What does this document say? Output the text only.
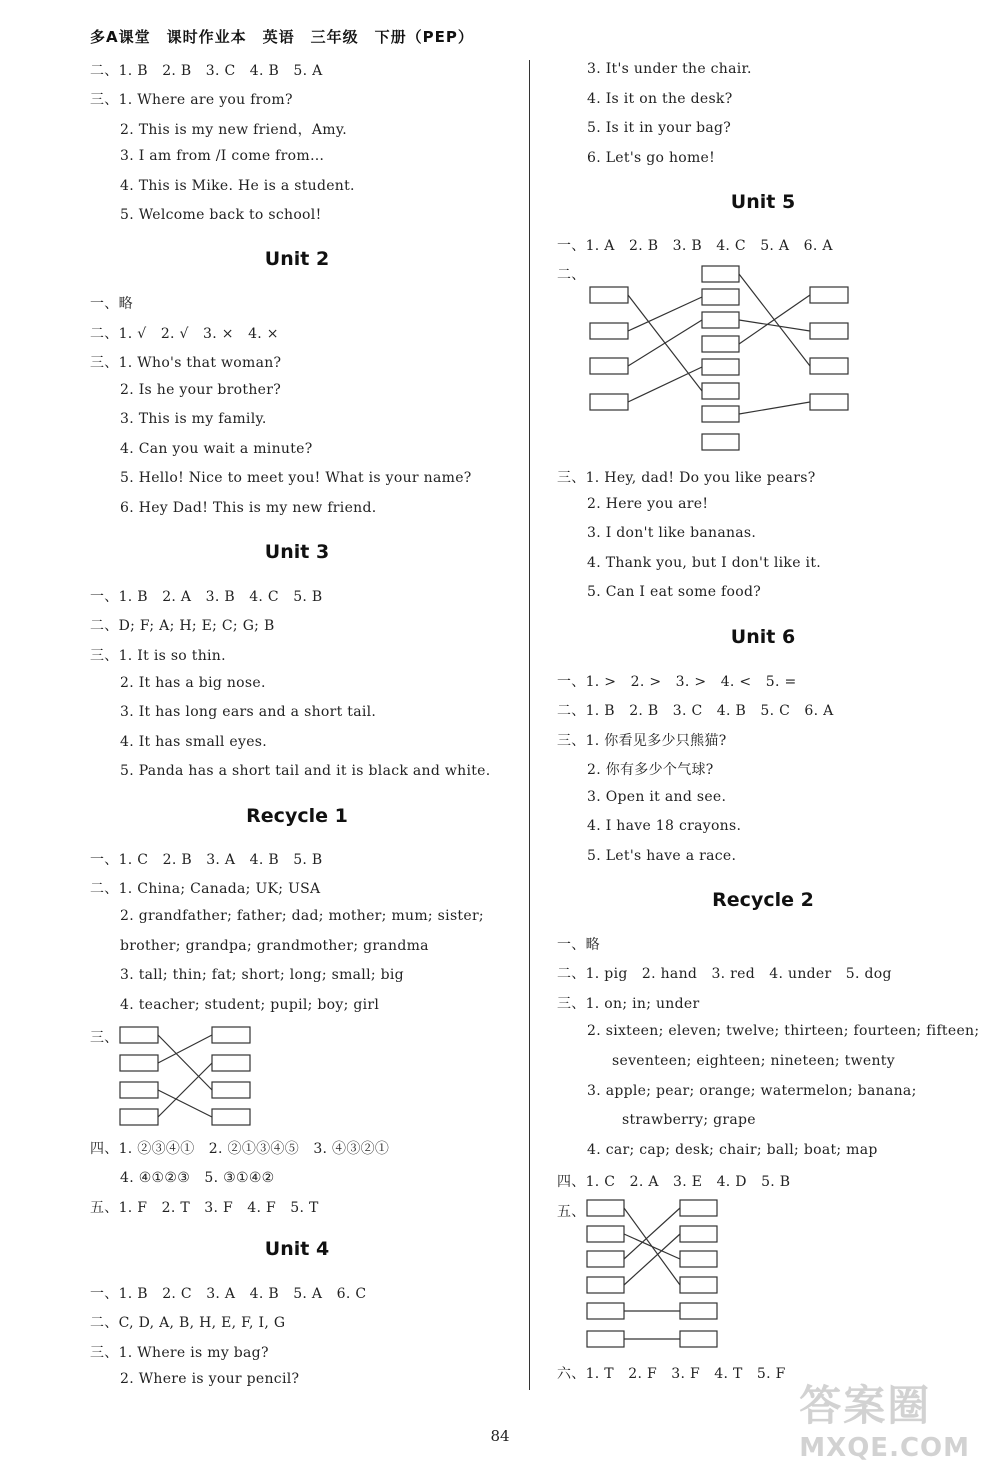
多A课堂　课时作业本　英语　三年级　下册（PEP）
二、1. B　2. B　3. C　4. B　5. A
三、1. Where are you from?
2. This is my new friend，Amy.
3. I am from /I come from…
4. This is Mike. He is a student.
5. Welcome back to school!
Unit 2
一、略
二、1. √　2. √　3. ×　4. ×
三、1. Who's that woman?
2. Is he your brother?
3. This is my family.
4. Can you wait a minute?
5. Hello! Nice to meet you! What is your name?
6. Hey Dad! This is my new friend.
Unit 3
一、1. B　2. A　3. B　4. C　5. B
二、D; F; A; H; E; C; G; B
三、1. It is so thin.
2. It has a big nose.
3. It has long ears and a short tail.
4. It has small eyes.
5. Panda has a short tail and it is black and white.
Recycle 1
一、1. C　2. B　3. A　4. B　5. B
二、1. China; Canada; UK; USA
2. grandfather; father; dad; mother; mum; sister;
brother; grandpa; grandmother; grandma
3. tall; thin; fat; short; long; small; big
4. teacher; student; pupil; boy; girl
三、
四、1. ②③④①　2. ②①③④⑤　3. ④③②①
4. ④①②③　5. ③①④②
五、1. F　2. T　3. F　4. F　5. T
Unit 4
一、1. B　2. C　3. A　4. B　5. A　6. C
二、C, D, A, B, H, E, F, I, G
三、1. Where is my bag?
2. Where is your pencil?
3. It's under the chair.
4. Is it on the desk?
5. Is it in your bag?
6. Let's go home!
Unit 5
一、1. A　2. B　3. B　4. C　5. A　6. A
二、
三、1. Hey, dad! Do you like pears?
2. Here you are!
3. I don't like bananas.
4. Thank you, but I don't like it.
5. Can I eat some food?
Unit 6
一、1. >　2. >　3. >　4. <　5. =
二、1. B　2. B　3. C　4. B　5. C　6. A
三、1. 你看见多少只熊猫?
2. 你有多少个气球?
3. Open it and see.
4. I have 18 crayons.
5. Let's have a race.
Recycle 2
一、略
二、1. pig　2. hand　3. red　4. under　5. dog
三、1. on; in; under
2. sixteen; eleven; twelve; thirteen; fourteen; fifteen;
seventeen; eighteen; nineteen; twenty
3. apple; pear; orange; watermelon; banana;
strawberry; grape
4. car; cap; desk; chair; ball; boat; map
四、1. C　2. A　3. E　4. D　5. B
五、
六、1. T　2. F　3. F　4. T　5. F
84
答案圈
MXQE.COM
